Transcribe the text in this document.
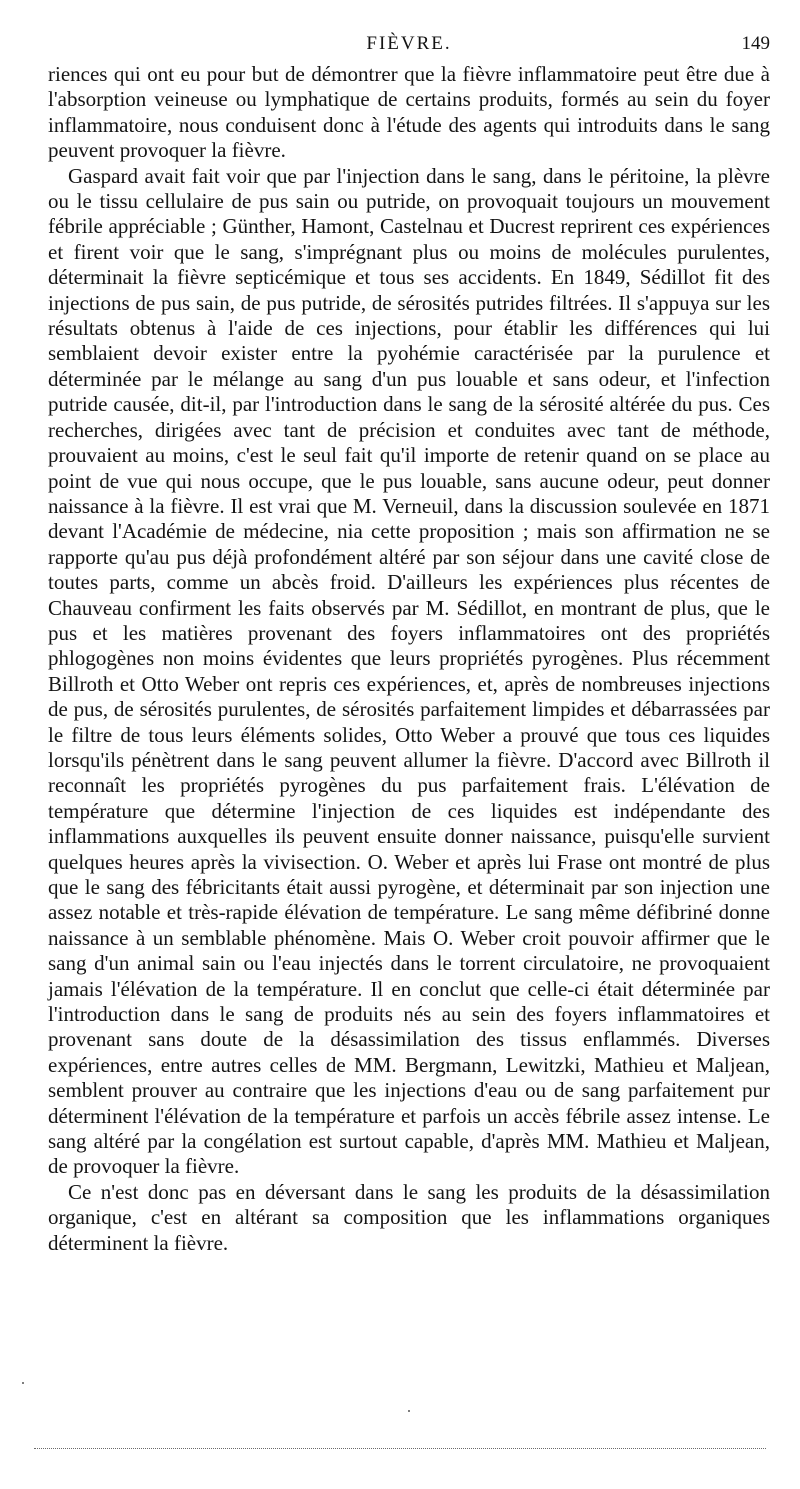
FIÈVRE.	149

riences qui ont eu pour but de démontrer que la fièvre inflammatoire peut être due à l'absorption veineuse ou lymphatique de certains produits, formés au sein du foyer inflammatoire, nous conduisent donc à l'étude des agents qui introduits dans le sang peuvent provoquer la fièvre.

Gaspard avait fait voir que par l'injection dans le sang, dans le péritoine, la plèvre ou le tissu cellulaire de pus sain ou putride, on provoquait toujours un mouvement fébrile appréciable ; Günther, Hamont, Castelnau et Ducrest reprirent ces expériences et firent voir que le sang, s'imprégnant plus ou moins de molécules purulentes, déterminait la fièvre septicémique et tous ses accidents. En 1849, Sédillot fit des injections de pus sain, de pus putride, de sérosités putrides filtrées. Il s'appuya sur les résultats obtenus à l'aide de ces injections, pour établir les différences qui lui semblaient devoir exister entre la pyohémie caractérisée par la purulence et déterminée par le mélange au sang d'un pus louable et sans odeur, et l'infection putride causée, dit-il, par l'introduction dans le sang de la sérosité altérée du pus. Ces recherches, dirigées avec tant de précision et conduites avec tant de méthode, prouvaient au moins, c'est le seul fait qu'il importe de retenir quand on se place au point de vue qui nous occupe, que le pus louable, sans aucune odeur, peut donner naissance à la fièvre. Il est vrai que M. Verneuil, dans la discussion soulevée en 1871 devant l'Académie de médecine, nia cette proposition ; mais son affirmation ne se rapporte qu'au pus déjà profondément altéré par son séjour dans une cavité close de toutes parts, comme un abcès froid. D'ailleurs les expériences plus récentes de Chauveau confirment les faits observés par M. Sédillot, en montrant de plus, que le pus et les matières provenant des foyers inflammatoires ont des propriétés phlogogènes non moins évidentes que leurs propriétés pyrogènes. Plus récemment Billroth et Otto Weber ont repris ces expériences, et, après de nombreuses injections de pus, de sérosités purulentes, de sérosités parfaitement limpides et débarrassées par le filtre de tous leurs éléments solides, Otto Weber a prouvé que tous ces liquides lorsqu'ils pénètrent dans le sang peuvent allumer la fièvre. D'accord avec Billroth il reconnaît les propriétés pyrogènes du pus parfaitement frais. L'élévation de température que détermine l'injection de ces liquides est indépendante des inflammations auxquelles ils peuvent ensuite donner naissance, puisqu'elle survient quelques heures après la vivisection. O. Weber et après lui Frase ont montré de plus que le sang des fébricitants était aussi pyrogène, et déterminait par son injection une assez notable et très-rapide élévation de température. Le sang même défibriné donne naissance à un semblable phénomène. Mais O. Weber croit pouvoir affirmer que le sang d'un animal sain ou l'eau injectés dans le torrent circulatoire, ne provoquaient jamais l'élévation de la température. Il en conclut que celle-ci était déterminée par l'introduction dans le sang de produits nés au sein des foyers inflammatoires et provenant sans doute de la désassimilation des tissus enflammés. Diverses expériences, entre autres celles de MM. Bergmann, Lewitzki, Mathieu et Maljean, semblent prouver au contraire que les injections d'eau ou de sang parfaitement pur déterminent l'élévation de la température et parfois un accès fébrile assez intense. Le sang altéré par la congélation est surtout capable, d'après MM. Mathieu et Maljean, de provoquer la fièvre.

Ce n'est donc pas en déversant dans le sang les produits de la désassimilation organique, c'est en altérant sa composition que les inflammations organiques déterminent la fièvre.
